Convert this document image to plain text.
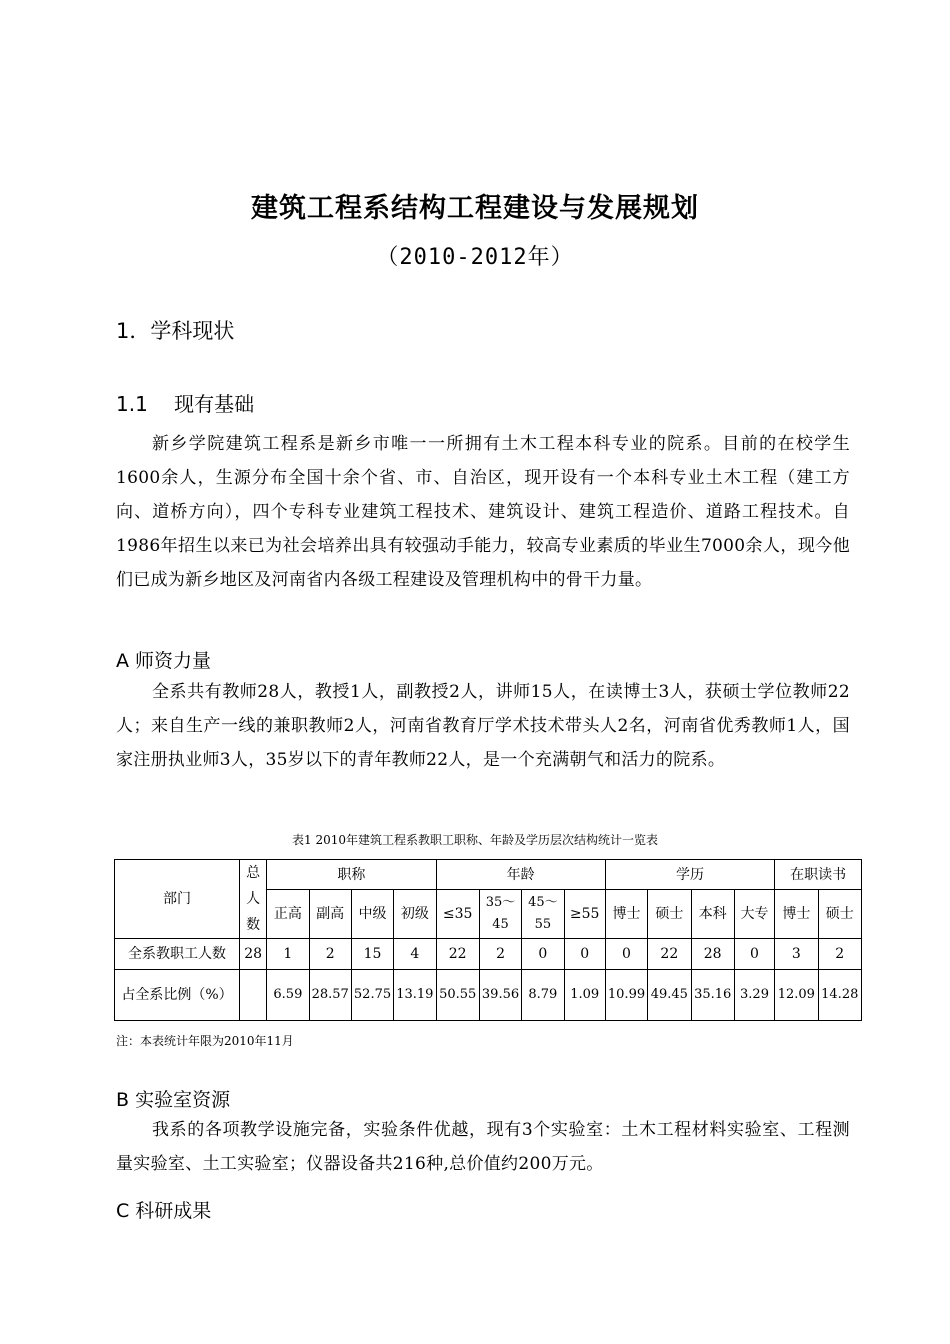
建筑工程系结构工程建设与发展规划
（2010-2012年）
1．学科现状
1.1　 现有基础
新乡学院建筑工程系是新乡市唯一一所拥有土木工程本科专业的院系。目前的在校学生1600余人，生源分布全国十余个省、市、自治区，现开设有一个本科专业土木工程（建工方向、道桥方向），四个专科专业建筑工程技术、建筑设计、建筑工程造价、道路工程技术。自1986年招生以来已为社会培养出具有较强动手能力，较高专业素质的毕业生7000余人，现今他们已成为新乡地区及河南省内各级工程建设及管理机构中的骨干力量。
A 师资力量
全系共有教师28人，教授1人，副教授2人，讲师15人，在读博士3人，获硕士学位教师22人；来自生产一线的兼职教师2人，河南省教育厅学术技术带头人2名，河南省优秀教师1人，国家注册执业师3人，35岁以下的青年教师22人，是一个充满朝气和活力的院系。
表1 2010年建筑工程系教职工职称、年龄及学历层次结构统计一览表
部门	总人数	职称				年龄				学历				在职读书	
		正高	副高	中级	初级	≤35	35～45	45～55	≥55	博士	硕士	本科	大专	博士	硕士
全系教职工人数	28	1	2	15	4	22	2	0	0	0	22	28	0	3	2
占全系比例（%）		6.59	28.57	52.75	13.19	50.55	39.56	8.79	1.09	10.99	49.45	35.16	3.29	12.09	14.28
注：本表统计年限为2010年11月
B 实验室资源
我系的各项教学设施完备，实验条件优越，现有3个实验室：土木工程材料实验室、工程测量实验室、土工实验室；仪器设备共216种,总价值约200万元。
C 科研成果
